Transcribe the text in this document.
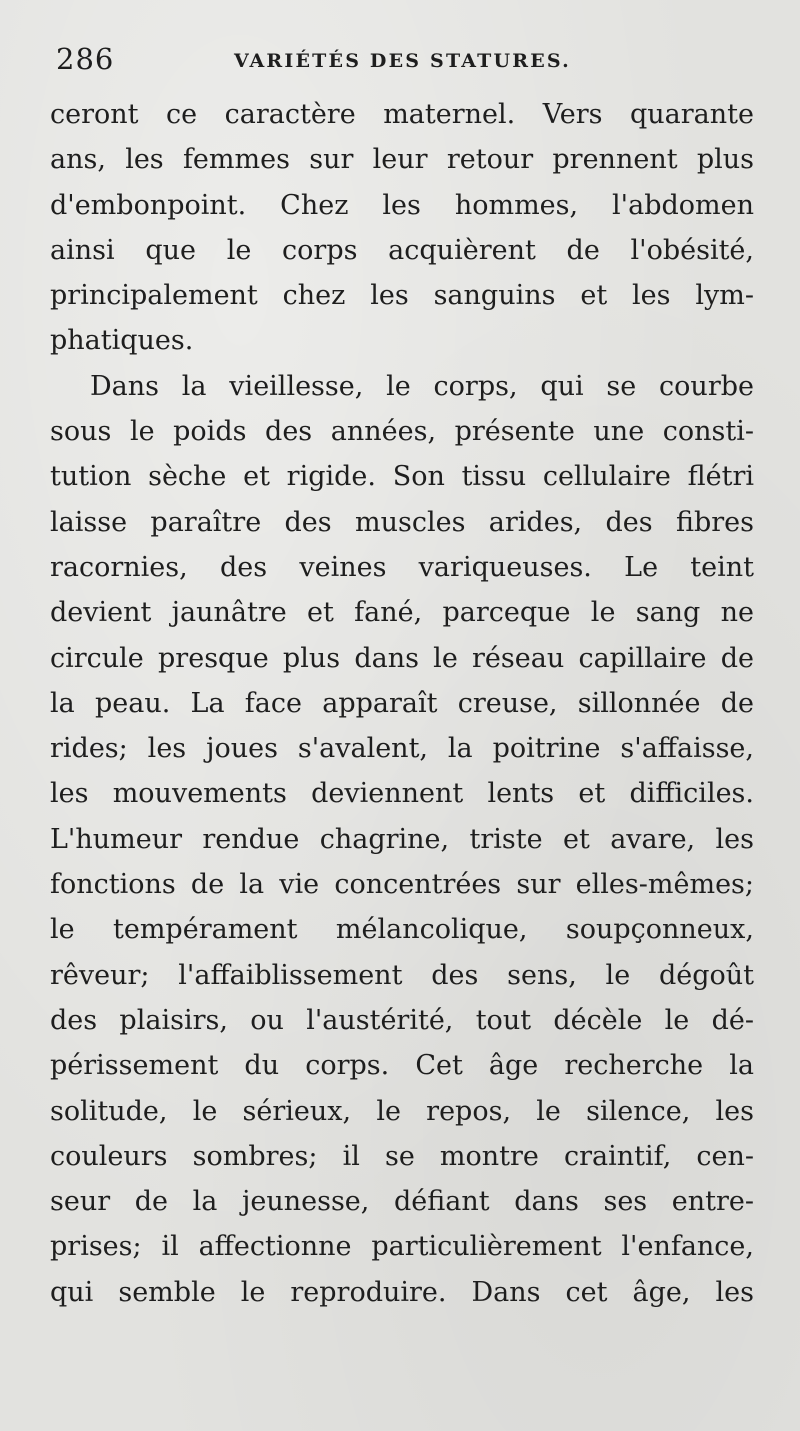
286	VARIÉTÉS DES STATURES.
ceront ce caractère maternel. Vers quarante
ans, les femmes sur leur retour prennent plus
d'embonpoint. Chez les hommes, l'abdomen
ainsi que le corps acquièrent de l'obésité,
principalement chez les sanguins et les lym-
phatiques.
Dans la vieillesse, le corps, qui se courbe
sous le poids des années, présente une consti-
tution sèche et rigide. Son tissu cellulaire flétri
laisse paraître des muscles arides, des fibres
racornies, des veines variqueuses. Le teint
devient jaunâtre et fané, parceque le sang ne
circule presque plus dans le réseau capillaire de
la peau. La face apparaît creuse, sillonnée de
rides; les joues s'avalent, la poitrine s'affaisse,
les mouvements deviennent lents et difficiles.
L'humeur rendue chagrine, triste et avare, les
fonctions de la vie concentrées sur elles-mêmes;
le tempérament mélancolique, soupçonneux,
rêveur; l'affaiblissement des sens, le dégoût
des plaisirs, ou l'austérité, tout décèle le dé-
périssement du corps. Cet âge recherche la
solitude, le sérieux, le repos, le silence, les
couleurs sombres; il se montre craintif, cen-
seur de la jeunesse, défiant dans ses entre-
prises; il affectionne particulièrement l'enfance,
qui semble le reproduire. Dans cet âge, les
